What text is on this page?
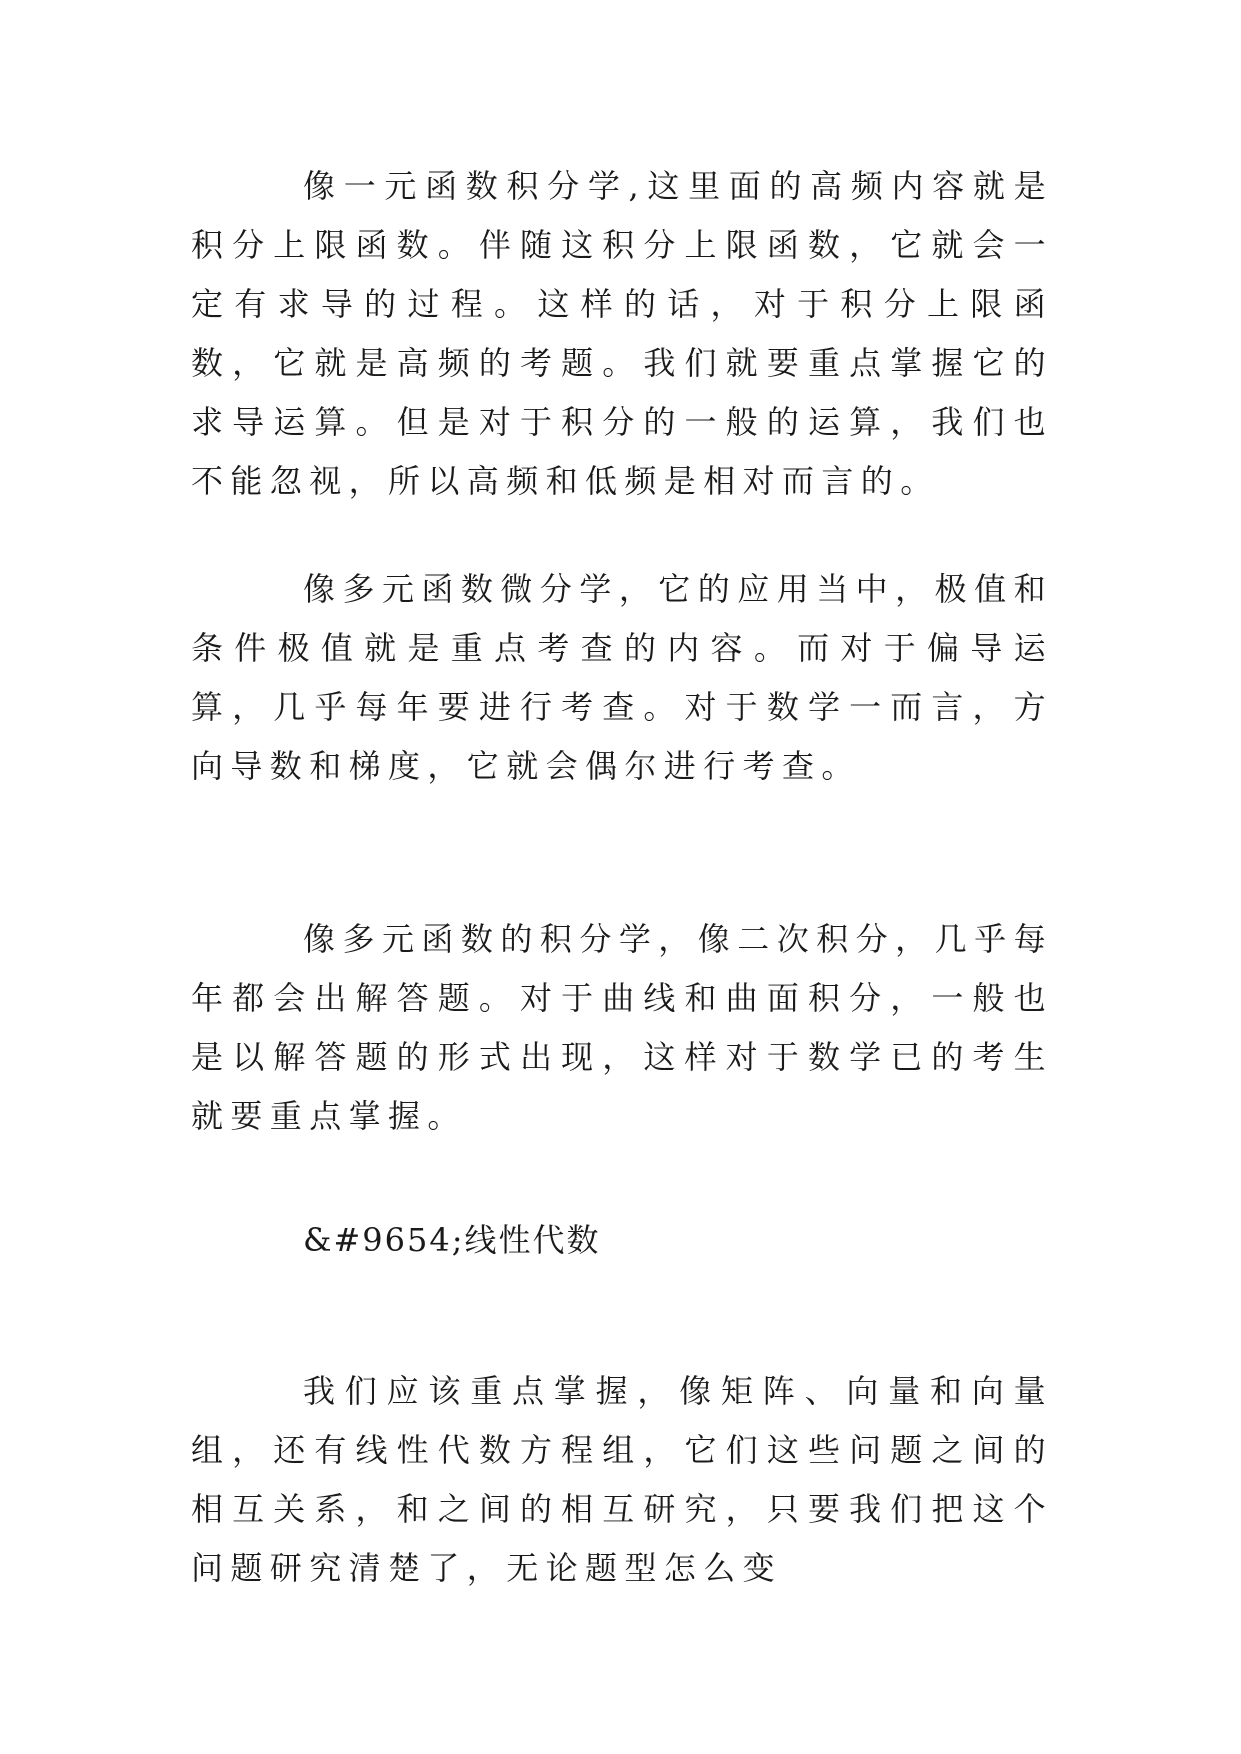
像一元函数积分学,这里面的高频内容就是积分上限函数。伴随这积分上限函数，它就会一定有求导的过程。这样的话，对于积分上限函数，它就是高频的考题。我们就要重点掌握它的求导运算。但是对于积分的一般的运算，我们也不能忽视，所以高频和低频是相对而言的。

像多元函数微分学，它的应用当中，极值和条件极值就是重点考查的内容。而对于偏导运算，几乎每年要进行考查。对于数学一而言，方向导数和梯度，它就会偶尔进行考查。

像多元函数的积分学，像二次积分，几乎每年都会出解答题。对于曲线和曲面积分，一般也是以解答题的形式出现，这样对于数学已的考生就要重点掌握。

&#9654;线性代数

我们应该重点掌握，像矩阵、向量和向量组，还有线性代数方程组，它们这些问题之间的相互关系，和之间的相互研究，只要我们把这个问题研究清楚了，无论题型怎么变
